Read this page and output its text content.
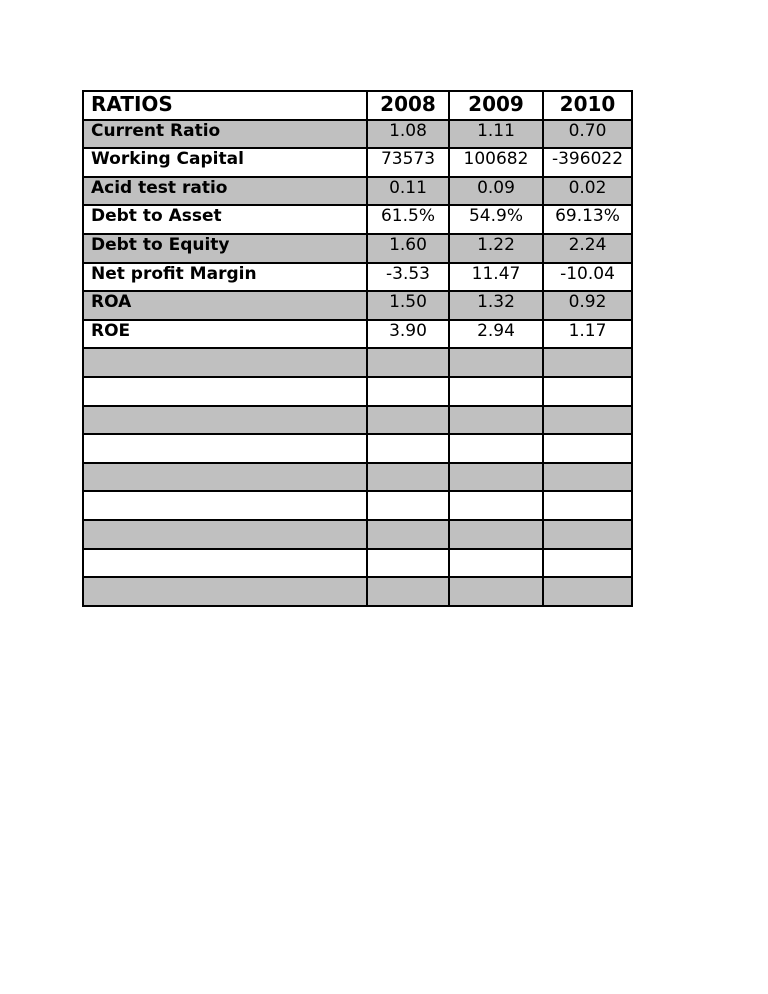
RATIOS	2008	2009	2010
Current Ratio	1.08	1.11	0.70
Working Capital	73573	100682	-396022
Acid test ratio	0.11	0.09	0.02
Debt to Asset	61.5%	54.9%	69.13%
Debt to Equity	1.60	1.22	2.24
Net profit Margin	-3.53	11.47	-10.04
ROA	1.50	1.32	0.92
ROE	3.90	2.94	1.17
